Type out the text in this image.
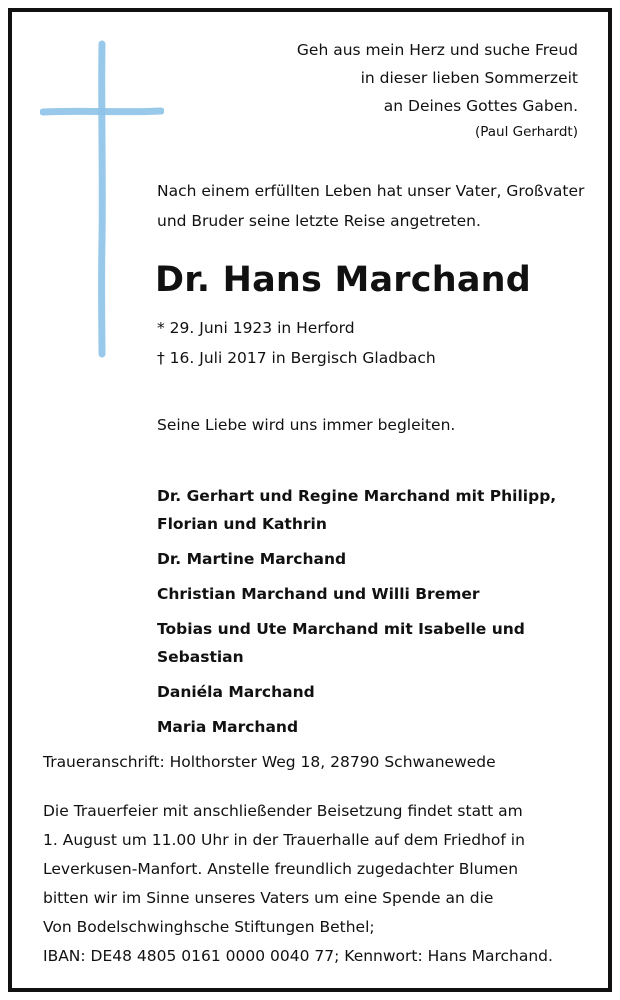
Geh aus mein Herz und suche Freud
in dieser lieben Sommerzeit
an Deines Gottes Gaben.
(Paul Gerhardt)
Nach einem erfüllten Leben hat unser Vater, Großvater
und Bruder seine letzte Reise angetreten.
Dr. Hans Marchand
* 29. Juni 1923 in Herford
† 16. Juli 2017 in Bergisch Gladbach
Seine Liebe wird uns immer begleiten.
Dr. Gerhart und Regine Marchand mit Philipp, Florian und Kathrin
Dr. Martine Marchand
Christian Marchand und Willi Bremer
Tobias und Ute Marchand mit Isabelle und Sebastian
Daniéla Marchand
Maria Marchand
Traueranschrift: Holthorster Weg 18, 28790 Schwanewede
Die Trauerfeier mit anschließender Beisetzung findet statt am
1. August um 11.00 Uhr in der Trauerhalle auf dem Friedhof in
Leverkusen-Manfort. Anstelle freundlich zugedachter Blumen
bitten wir im Sinne unseres Vaters um eine Spende an die
Von Bodelschwinghsche Stiftungen Bethel;
IBAN: DE48 4805 0161 0000 0040 77; Kennwort: Hans Marchand.
